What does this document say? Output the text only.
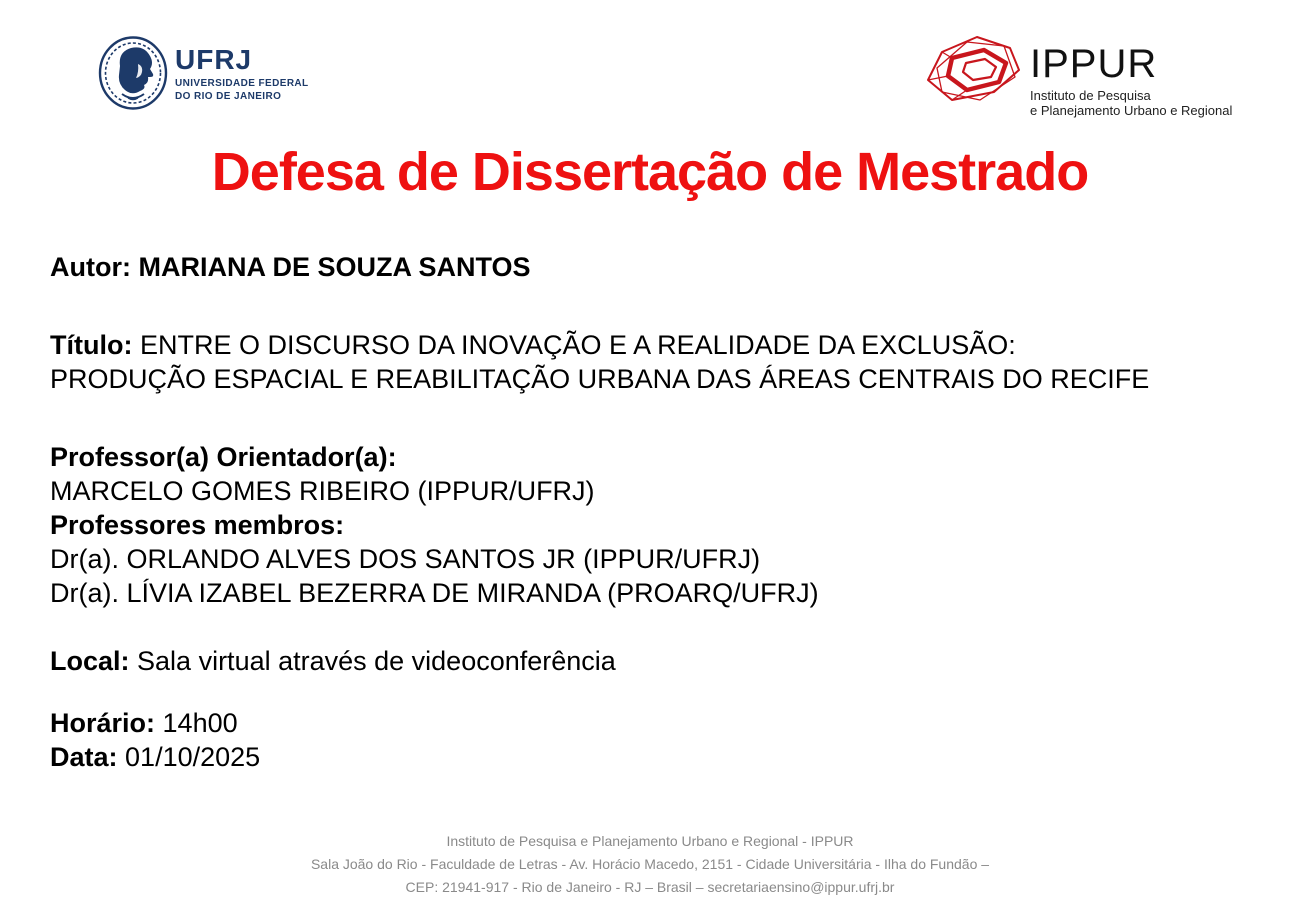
UFRJ
UNIVERSIDADE FEDERAL
DO RIO DE JANEIRO
IPPUR
Instituto de Pesquisa
e Planejamento Urbano e Regional
Defesa de Dissertação de Mestrado

Autor: MARIANA DE SOUZA SANTOS

Título: ENTRE O DISCURSO DA INOVAÇÃO E A REALIDADE DA EXCLUSÃO:
PRODUÇÃO ESPACIAL E REABILITAÇÃO URBANA DAS ÁREAS CENTRAIS DO RECIFE

Professor(a) Orientador(a):
MARCELO GOMES RIBEIRO (IPPUR/UFRJ)
Professores membros:
Dr(a). ORLANDO ALVES DOS SANTOS JR (IPPUR/UFRJ)
Dr(a). LÍVIA IZABEL BEZERRA DE MIRANDA (PROARQ/UFRJ)

Local: Sala virtual através de videoconferência

Horário: 14h00
Data: 01/10/2025

Instituto de Pesquisa e Planejamento Urbano e Regional - IPPUR
Sala João do Rio - Faculdade de Letras - Av. Horácio Macedo, 2151 - Cidade Universitária - Ilha do Fundão –
CEP: 21941-917 - Rio de Janeiro - RJ – Brasil – secretariaensino@ippur.ufrj.br
